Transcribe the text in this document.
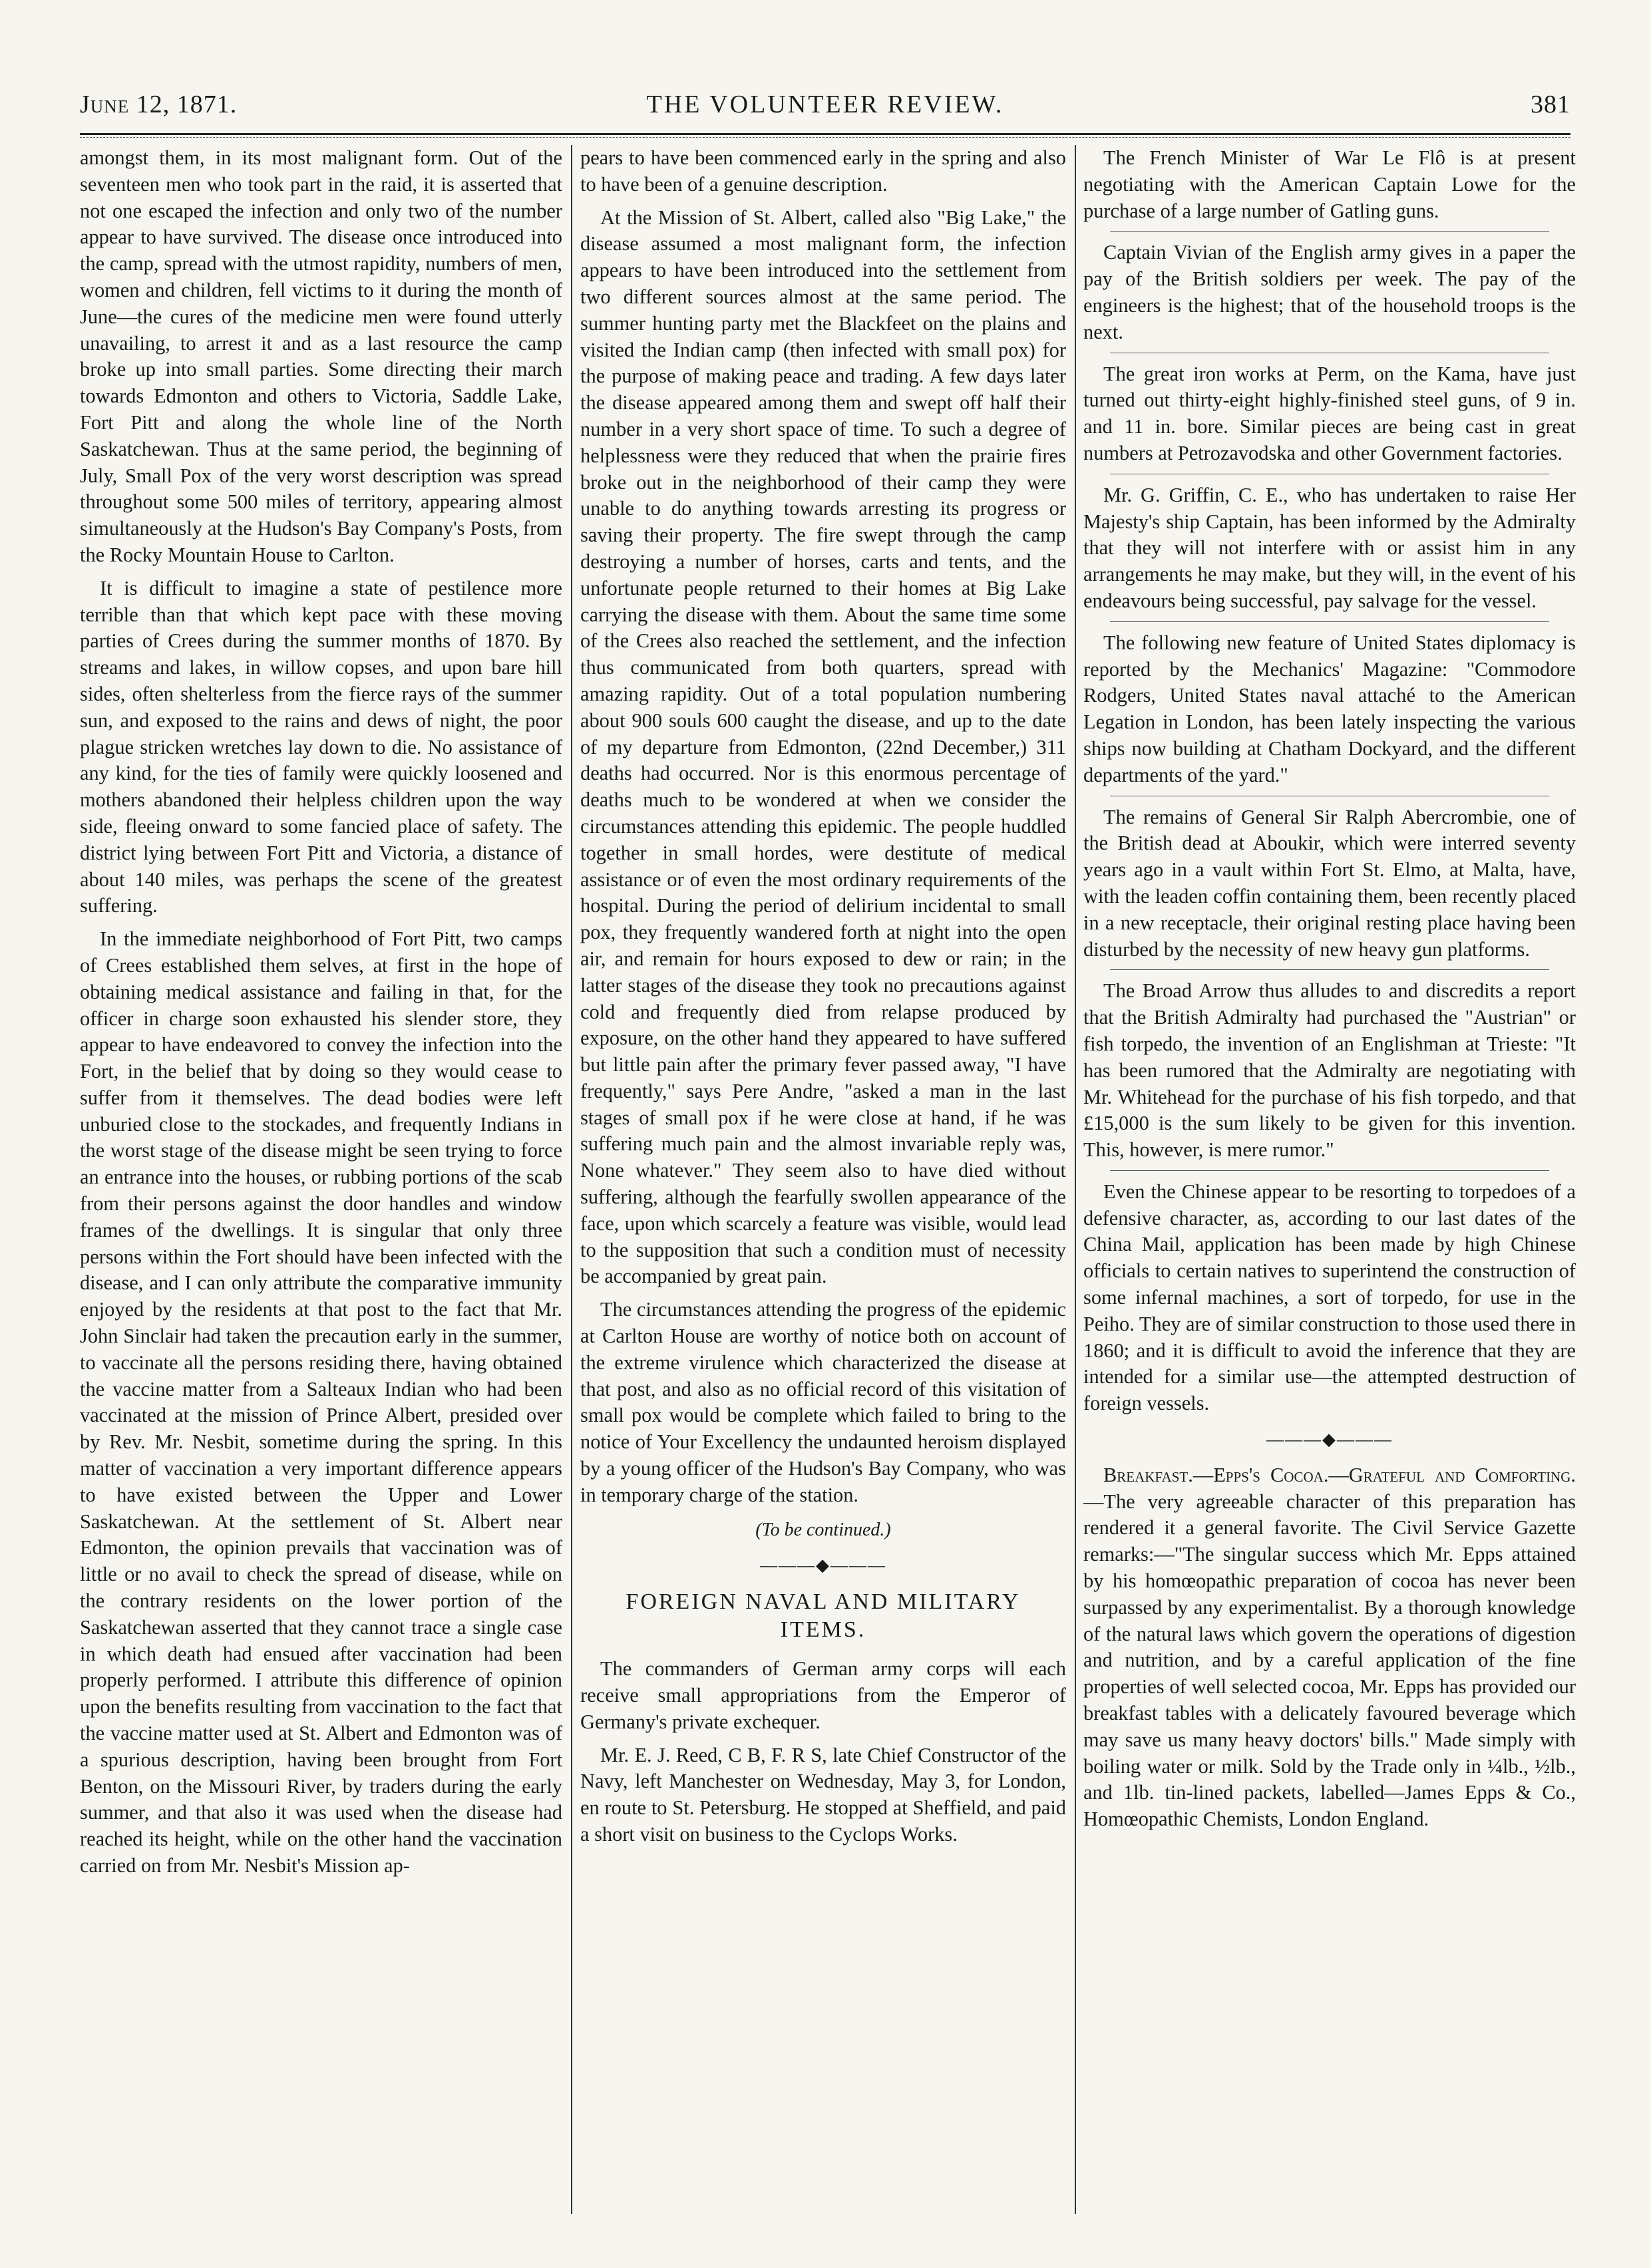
June 12, 1871.	THE VOLUNTEER REVIEW.	381

amongst them, in its most malignant form. Out of the seventeen men who took part in the raid, it is asserted that not one escaped the infection and only two of the number appear to have survived. The disease once introduced into the camp, spread with the utmost rapidity, numbers of men, women and children, fell victims to it during the month of June—the cures of the medicine men were found utterly unavailing, to arrest it and as a last resource the camp broke up into small parties. Some directing their march towards Edmonton and others to Victoria, Saddle Lake, Fort Pitt and along the whole line of the North Saskatchewan. Thus at the same period, the beginning of July, Small Pox of the very worst description was spread throughout some 500 miles of territory, appearing almost simultaneously at the Hudson's Bay Company's Posts, from the Rocky Mountain House to Carlton.

It is difficult to imagine a state of pestilence more terrible than that which kept pace with these moving parties of Crees during the summer months of 1870. By streams and lakes, in willow copses, and upon bare hill sides, often shelterless from the fierce rays of the summer sun, and exposed to the rains and dews of night, the poor plague stricken wretches lay down to die. No assistance of any kind, for the ties of family were quickly loosened and mothers abandoned their helpless children upon the way side, fleeing onward to some fancied place of safety. The district lying between Fort Pitt and Victoria, a distance of about 140 miles, was perhaps the scene of the greatest suffering.

In the immediate neighborhood of Fort Pitt, two camps of Crees established them selves, at first in the hope of obtaining medical assistance and failing in that, for the officer in charge soon exhausted his slender store, they appear to have endeavored to convey the infection into the Fort, in the belief that by doing so they would cease to suffer from it themselves. The dead bodies were left unburied close to the stockades, and frequently Indians in the worst stage of the disease might be seen trying to force an entrance into the houses, or rubbing portions of the scab from their persons against the door handles and window frames of the dwellings. It is singular that only three persons within the Fort should have been infected with the disease, and I can only attribute the comparative immunity enjoyed by the residents at that post to the fact that Mr. John Sinclair had taken the precaution early in the summer, to vaccinate all the persons residing there, having obtained the vaccine matter from a Salteaux Indian who had been vaccinated at the mission of Prince Albert, presided over by Rev. Mr. Nesbit, sometime during the spring. In this matter of vaccination a very important difference appears to have existed between the Upper and Lower Saskatchewan. At the settlement of St. Albert near Edmonton, the opinion prevails that vaccination was of little or no avail to check the spread of disease, while on the contrary residents on the lower portion of the Saskatchewan asserted that they cannot trace a single case in which death had ensued after vaccination had been properly performed. I attribute this difference of opinion upon the benefits resulting from vaccination to the fact that the vaccine matter used at St. Albert and Edmonton was of a spurious description, having been brought from Fort Benton, on the Missouri River, by traders during the early summer, and that also it was used when the disease had reached its height, while on the other hand the vaccination carried on from Mr. Nesbit's Mission ap-

pears to have been commenced early in the spring and also to have been of a genuine description.

At the Mission of St. Albert, called also "Big Lake," the disease assumed a most malignant form, the infection appears to have been introduced into the settlement from two different sources almost at the same period. The summer hunting party met the Blackfeet on the plains and visited the Indian camp (then infected with small pox) for the purpose of making peace and trading. A few days later the disease appeared among them and swept off half their number in a very short space of time. To such a degree of helplessness were they reduced that when the prairie fires broke out in the neighborhood of their camp they were unable to do anything towards arresting its progress or saving their property. The fire swept through the camp destroying a number of horses, carts and tents, and the unfortunate people returned to their homes at Big Lake carrying the disease with them. About the same time some of the Crees also reached the settlement, and the infection thus communicated from both quarters, spread with amazing rapidity. Out of a total population numbering about 900 souls 600 caught the disease, and up to the date of my departure from Edmonton, (22nd December,) 311 deaths had occurred. Nor is this enormous percentage of deaths much to be wondered at when we consider the circumstances attending this epidemic. The people huddled together in small hordes, were destitute of medical assistance or of even the most ordinary requirements of the hospital. During the period of delirium incidental to small pox, they frequently wandered forth at night into the open air, and remain for hours exposed to dew or rain; in the latter stages of the disease they took no precautions against cold and frequently died from relapse produced by exposure, on the other hand they appeared to have suffered but little pain after the primary fever passed away, "I have frequently," says Pere Andre, "asked a man in the last stages of small pox if he were close at hand, if he was suffering much pain and the almost invariable reply was, None whatever." They seem also to have died without suffering, although the fearfully swollen appearance of the face, upon which scarcely a feature was visible, would lead to the supposition that such a condition must of necessity be accompanied by great pain.

The circumstances attending the progress of the epidemic at Carlton House are worthy of notice both on account of the extreme virulence which characterized the disease at that post, and also as no official record of this visitation of small pox would be complete which failed to bring to the notice of Your Excellency the undaunted heroism displayed by a young officer of the Hudson's Bay Company, who was in temporary charge of the station.

(To be continued.)
———◆———
FOREIGN NAVAL AND MILITARY ITEMS.

The commanders of German army corps will each receive small appropriations from the Emperor of Germany's private exchequer.

Mr. E. J. Reed, C B, F. R S, late Chief Constructor of the Navy, left Manchester on Wednesday, May 3, for London, en route to St. Petersburg. He stopped at Sheffield, and paid a short visit on business to the Cyclops Works.

The French Minister of War Le Flô is at present negotiating with the American Captain Lowe for the purchase of a large number of Gatling guns.

Captain Vivian of the English army gives in a paper the pay of the British soldiers per week. The pay of the engineers is the highest; that of the household troops is the next.

The great iron works at Perm, on the Kama, have just turned out thirty-eight highly-finished steel guns, of 9 in. and 11 in. bore. Similar pieces are being cast in great numbers at Petrozavodska and other Government factories.

Mr. G. Griffin, C. E., who has undertaken to raise Her Majesty's ship Captain, has been informed by the Admiralty that they will not interfere with or assist him in any arrangements he may make, but they will, in the event of his endeavours being successful, pay salvage for the vessel.

The following new feature of United States diplomacy is reported by the Mechanics' Magazine: "Commodore Rodgers, United States naval attaché to the American Legation in London, has been lately inspecting the various ships now building at Chatham Dockyard, and the different departments of the yard."

The remains of General Sir Ralph Abercrombie, one of the British dead at Aboukir, which were interred seventy years ago in a vault within Fort St. Elmo, at Malta, have, with the leaden coffin containing them, been recently placed in a new receptacle, their original resting place having been disturbed by the necessity of new heavy gun platforms.

The Broad Arrow thus alludes to and discredits a report that the British Admiralty had purchased the "Austrian" or fish torpedo, the invention of an Englishman at Trieste: "It has been rumored that the Admiralty are negotiating with Mr. Whitehead for the purchase of his fish torpedo, and that £15,000 is the sum likely to be given for this invention. This, however, is mere rumor."

Even the Chinese appear to be resorting to torpedoes of a defensive character, as, according to our last dates of the China Mail, application has been made by high Chinese officials to certain natives to superintend the construction of some infernal machines, a sort of torpedo, for use in the Peiho. They are of similar construction to those used there in 1860; and it is difficult to avoid the inference that they are intended for a similar use—the attempted destruction of foreign vessels.

———◆———

Breakfast.—Epps's Cocoa.—Grateful and Comforting.—The very agreeable character of this preparation has rendered it a general favorite. The Civil Service Gazette remarks:—"The singular success which Mr. Epps attained by his homœopathic preparation of cocoa has never been surpassed by any experimentalist. By a thorough knowledge of the natural laws which govern the operations of digestion and nutrition, and by a careful application of the fine properties of well selected cocoa, Mr. Epps has provided our breakfast tables with a delicately favoured beverage which may save us many heavy doctors' bills." Made simply with boiling water or milk. Sold by the Trade only in ¼lb., ½lb., and 1lb. tin-lined packets, labelled—James Epps & Co., Homœopathic Chemists, London England.
